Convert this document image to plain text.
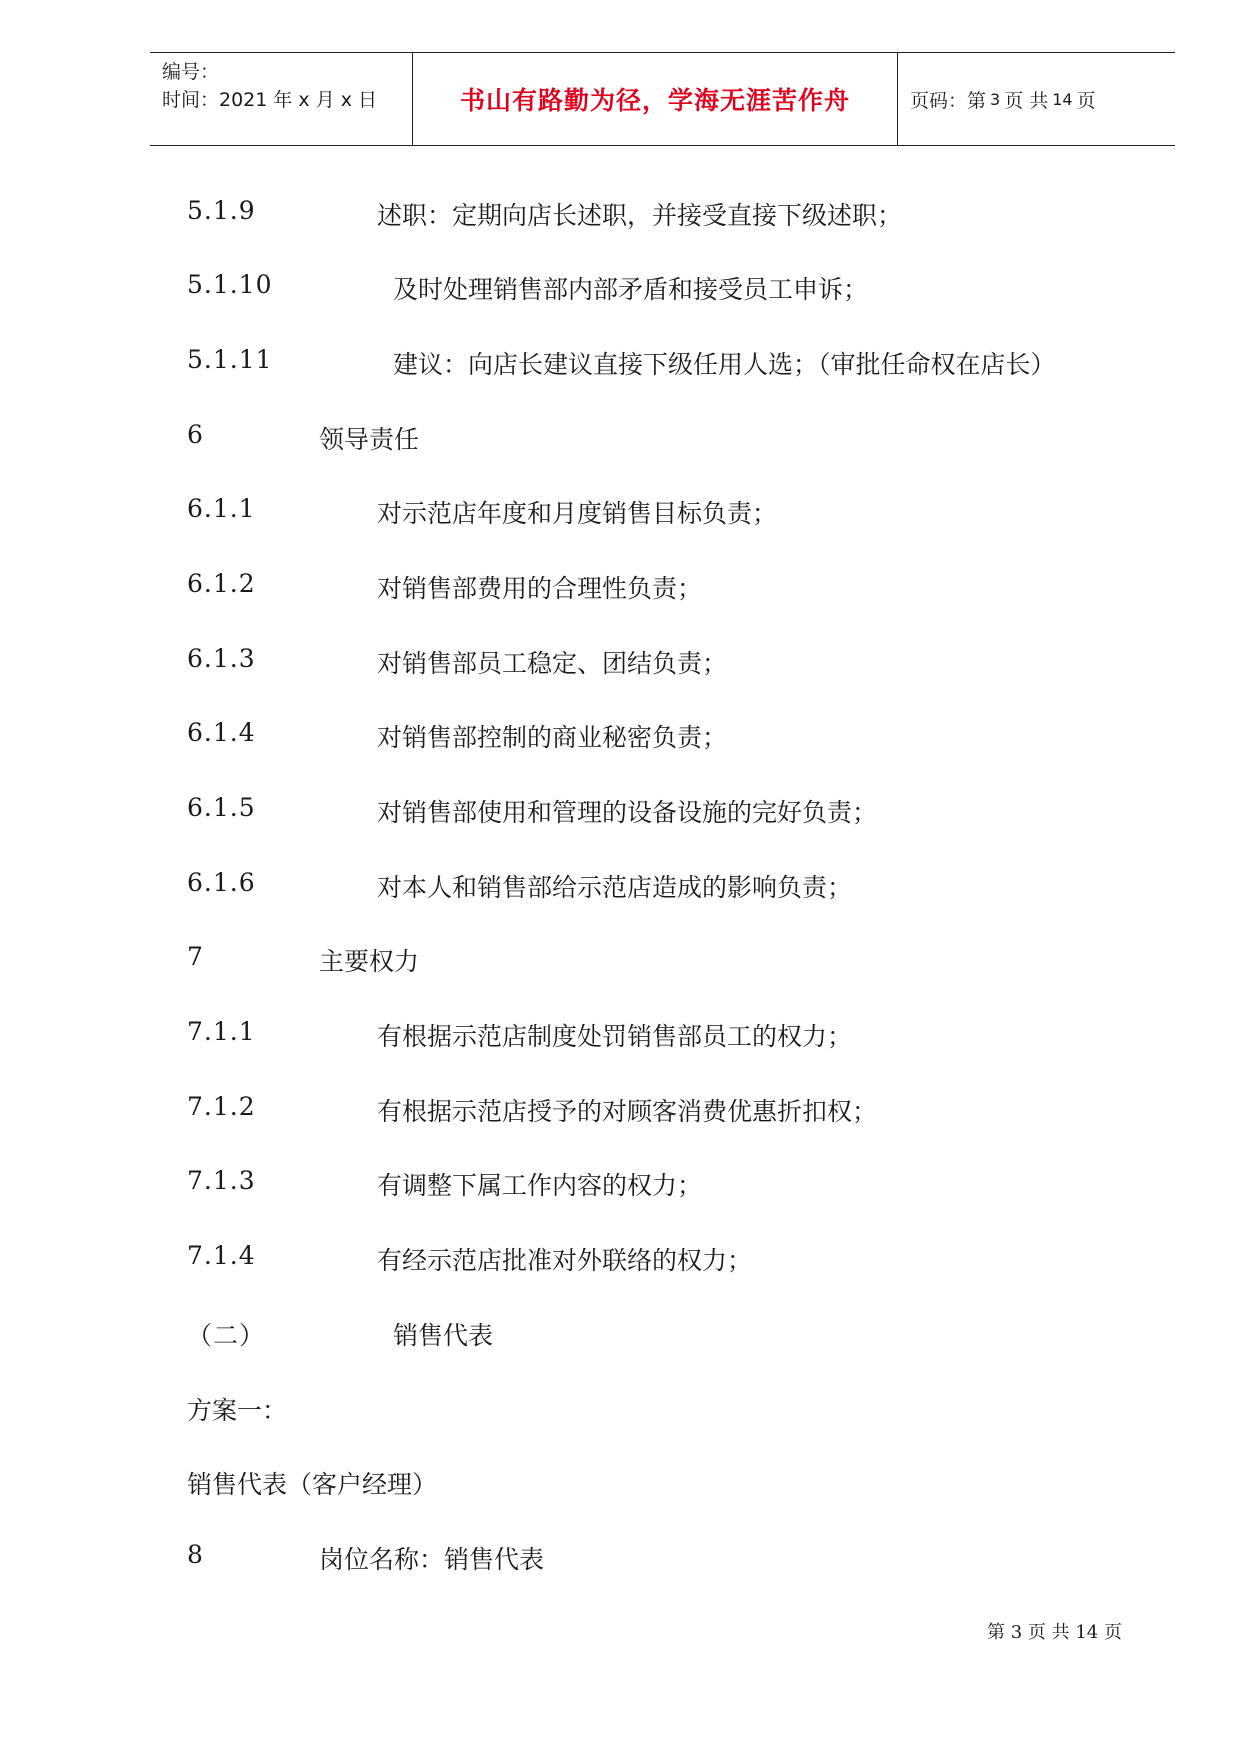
编号：
时间：2021 年 x 月 x 日	书山有路勤为径，学海无涯苦作舟	页码：第 3 页 共 14 页
5.1.9	述职：定期向店长述职，并接受直接下级述职；
5.1.10	及时处理销售部内部矛盾和接受员工申诉；
5.1.11	建议：向店长建议直接下级任用人选；（审批任命权在店长）
6	领导责任
6.1.1	对示范店年度和月度销售目标负责；
6.1.2	对销售部费用的合理性负责；
6.1.3	对销售部员工稳定、团结负责；
6.1.4	对销售部控制的商业秘密负责；
6.1.5	对销售部使用和管理的设备设施的完好负责；
6.1.6	对本人和销售部给示范店造成的影响负责；
7	主要权力
7.1.1	有根据示范店制度处罚销售部员工的权力；
7.1.2	有根据示范店授予的对顾客消费优惠折扣权；
7.1.3	有调整下属工作内容的权力；
7.1.4	有经示范店批准对外联络的权力；
（二）	销售代表
方案一：
销售代表（客户经理）
8	岗位名称：销售代表
第 3 页 共 14 页
